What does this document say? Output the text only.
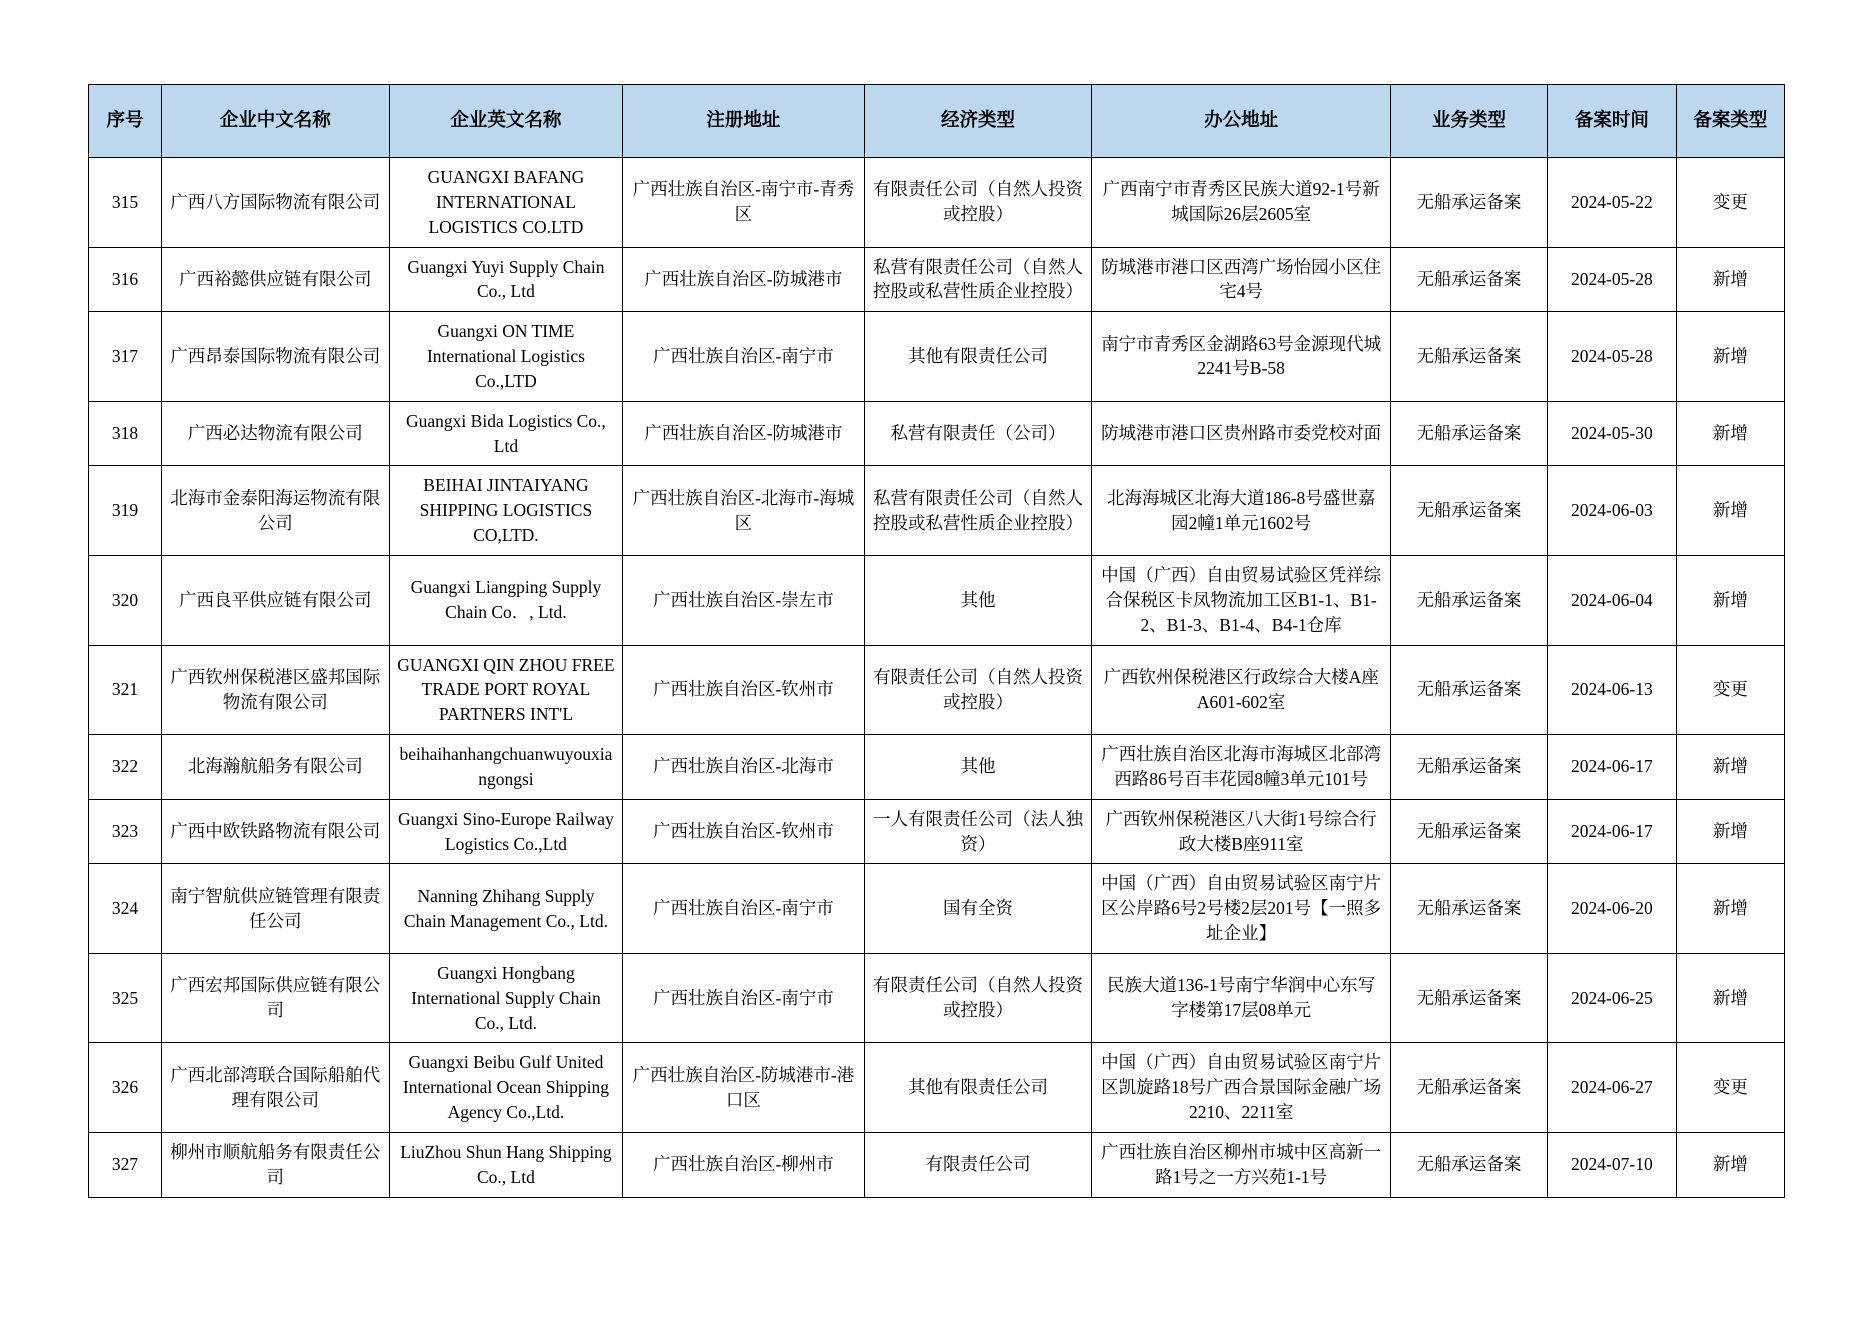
序号	企业中文名称	企业英文名称	注册地址	经济类型	办公地址	业务类型	备案时间	备案类型
315	广西八方国际物流有限公司	GUANGXI BAFANG INTERNATIONAL LOGISTICS CO.LTD	广西壮族自治区-南宁市-青秀区	有限责任公司（自然人投资或控股）	广西南宁市青秀区民族大道92-1号新城国际26层2605室	无船承运备案	2024-05-22	变更
316	广西裕懿供应链有限公司	Guangxi Yuyi Supply Chain Co., Ltd	广西壮族自治区-防城港市	私营有限责任公司（自然人控股或私营性质企业控股）	防城港市港口区西湾广场怡园小区住宅4号	无船承运备案	2024-05-28	新增
317	广西昂泰国际物流有限公司	Guangxi ON TIME International Logistics Co.,LTD	广西壮族自治区-南宁市	其他有限责任公司	南宁市青秀区金湖路63号金源现代城2241号B-58	无船承运备案	2024-05-28	新增
318	广西必达物流有限公司	Guangxi Bida Logistics Co., Ltd	广西壮族自治区-防城港市	私营有限责任（公司）	防城港市港口区贵州路市委党校对面	无船承运备案	2024-05-30	新增
319	北海市金泰阳海运物流有限公司	BEIHAI JINTAIYANG SHIPPING LOGISTICS CO,LTD.	广西壮族自治区-北海市-海城区	私营有限责任公司（自然人控股或私营性质企业控股）	北海海城区北海大道186-8号盛世嘉园2幢1单元1602号	无船承运备案	2024-06-03	新增
320	广西良平供应链有限公司	Guangxi Liangping Supply Chain Co．, Ltd.	广西壮族自治区-崇左市	其他	中国（广西）自由贸易试验区凭祥综合保税区卡凤物流加工区B1-1、B1-2、B1-3、B1-4、B4-1仓库	无船承运备案	2024-06-04	新增
321	广西钦州保税港区盛邦国际物流有限公司	GUANGXI QIN ZHOU FREE TRADE PORT ROYAL PARTNERS INT'L	广西壮族自治区-钦州市	有限责任公司（自然人投资或控股）	广西钦州保税港区行政综合大楼A座A601-602室	无船承运备案	2024-06-13	变更
322	北海瀚航船务有限公司	beihaihanhangchuanwuyouxiangongsi	广西壮族自治区-北海市	其他	广西壮族自治区北海市海城区北部湾西路86号百丰花园8幢3单元101号	无船承运备案	2024-06-17	新增
323	广西中欧铁路物流有限公司	Guangxi Sino-Europe Railway Logistics Co.,Ltd	广西壮族自治区-钦州市	一人有限责任公司（法人独资）	广西钦州保税港区八大街1号综合行政大楼B座911室	无船承运备案	2024-06-17	新增
324	南宁智航供应链管理有限责任公司	Nanning Zhihang Supply Chain Management Co., Ltd.	广西壮族自治区-南宁市	国有全资	中国（广西）自由贸易试验区南宁片区公岸路6号2号楼2层201号【一照多址企业】	无船承运备案	2024-06-20	新增
325	广西宏邦国际供应链有限公司	Guangxi Hongbang International Supply Chain Co., Ltd.	广西壮族自治区-南宁市	有限责任公司（自然人投资或控股）	民族大道136-1号南宁华润中心东写字楼第17层08单元	无船承运备案	2024-06-25	新增
326	广西北部湾联合国际船舶代理有限公司	Guangxi Beibu Gulf United International Ocean Shipping Agency Co.,Ltd.	广西壮族自治区-防城港市-港口区	其他有限责任公司	中国（广西）自由贸易试验区南宁片区凯旋路18号广西合景国际金融广场2210、2211室	无船承运备案	2024-06-27	变更
327	柳州市顺航船务有限责任公司	LiuZhou Shun Hang Shipping Co., Ltd	广西壮族自治区-柳州市	有限责任公司	广西壮族自治区柳州市城中区高新一路1号之一方兴苑1-1号	无船承运备案	2024-07-10	新增
